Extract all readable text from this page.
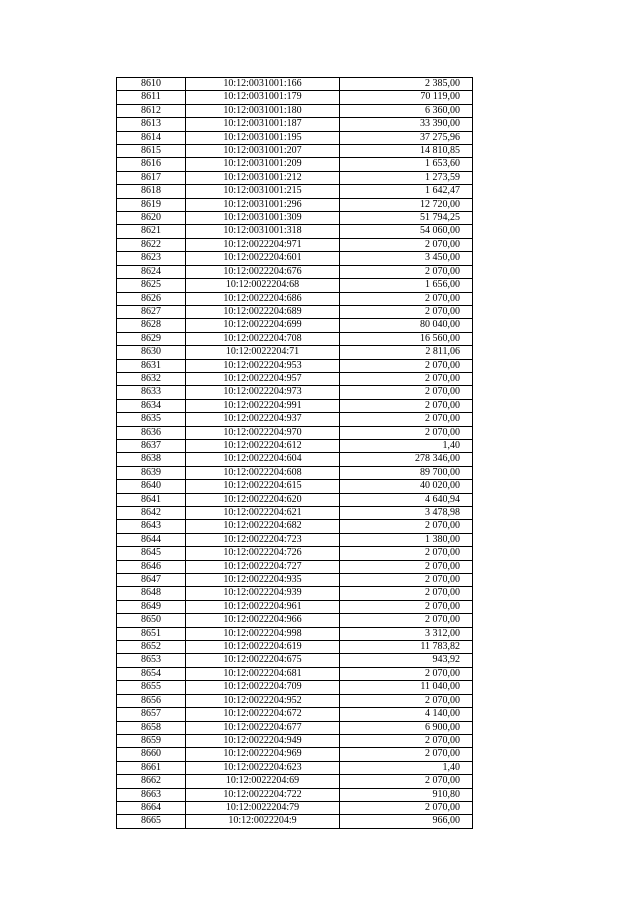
8610	10:12:0031001:166	2 385,00
8611	10:12:0031001:179	70 119,00
8612	10:12:0031001:180	6 360,00
8613	10:12:0031001:187	33 390,00
8614	10:12:0031001:195	37 275,96
8615	10:12:0031001:207	14 810,85
8616	10:12:0031001:209	1 653,60
8617	10:12:0031001:212	1 273,59
8618	10:12:0031001:215	1 642,47
8619	10:12:0031001:296	12 720,00
8620	10:12:0031001:309	51 794,25
8621	10:12:0031001:318	54 060,00
8622	10:12:0022204:971	2 070,00
8623	10:12:0022204:601	3 450,00
8624	10:12:0022204:676	2 070,00
8625	10:12:0022204:68	1 656,00
8626	10:12:0022204:686	2 070,00
8627	10:12:0022204:689	2 070,00
8628	10:12:0022204:699	80 040,00
8629	10:12:0022204:708	16 560,00
8630	10:12:0022204:71	2 811,06
8631	10:12:0022204:953	2 070,00
8632	10:12:0022204:957	2 070,00
8633	10:12:0022204:973	2 070,00
8634	10:12:0022204:991	2 070,00
8635	10:12:0022204:937	2 070,00
8636	10:12:0022204:970	2 070,00
8637	10:12:0022204:612	1,40
8638	10:12:0022204:604	278 346,00
8639	10:12:0022204:608	89 700,00
8640	10:12:0022204:615	40 020,00
8641	10:12:0022204:620	4 640,94
8642	10:12:0022204:621	3 478,98
8643	10:12:0022204:682	2 070,00
8644	10:12:0022204:723	1 380,00
8645	10:12:0022204:726	2 070,00
8646	10:12:0022204:727	2 070,00
8647	10:12:0022204:935	2 070,00
8648	10:12:0022204:939	2 070,00
8649	10:12:0022204:961	2 070,00
8650	10:12:0022204:966	2 070,00
8651	10:12:0022204:998	3 312,00
8652	10:12:0022204:619	11 783,82
8653	10:12:0022204:675	943,92
8654	10:12:0022204:681	2 070,00
8655	10:12:0022204:709	11 040,00
8656	10:12:0022204:952	2 070,00
8657	10:12:0022204:672	4 140,00
8658	10:12:0022204:677	6 900,00
8659	10:12:0022204:949	2 070,00
8660	10:12:0022204:969	2 070,00
8661	10:12:0022204:623	1,40
8662	10:12:0022204:69	2 070,00
8663	10:12:0022204:722	910,80
8664	10:12:0022204:79	2 070,00
8665	10:12:0022204:9	966,00
